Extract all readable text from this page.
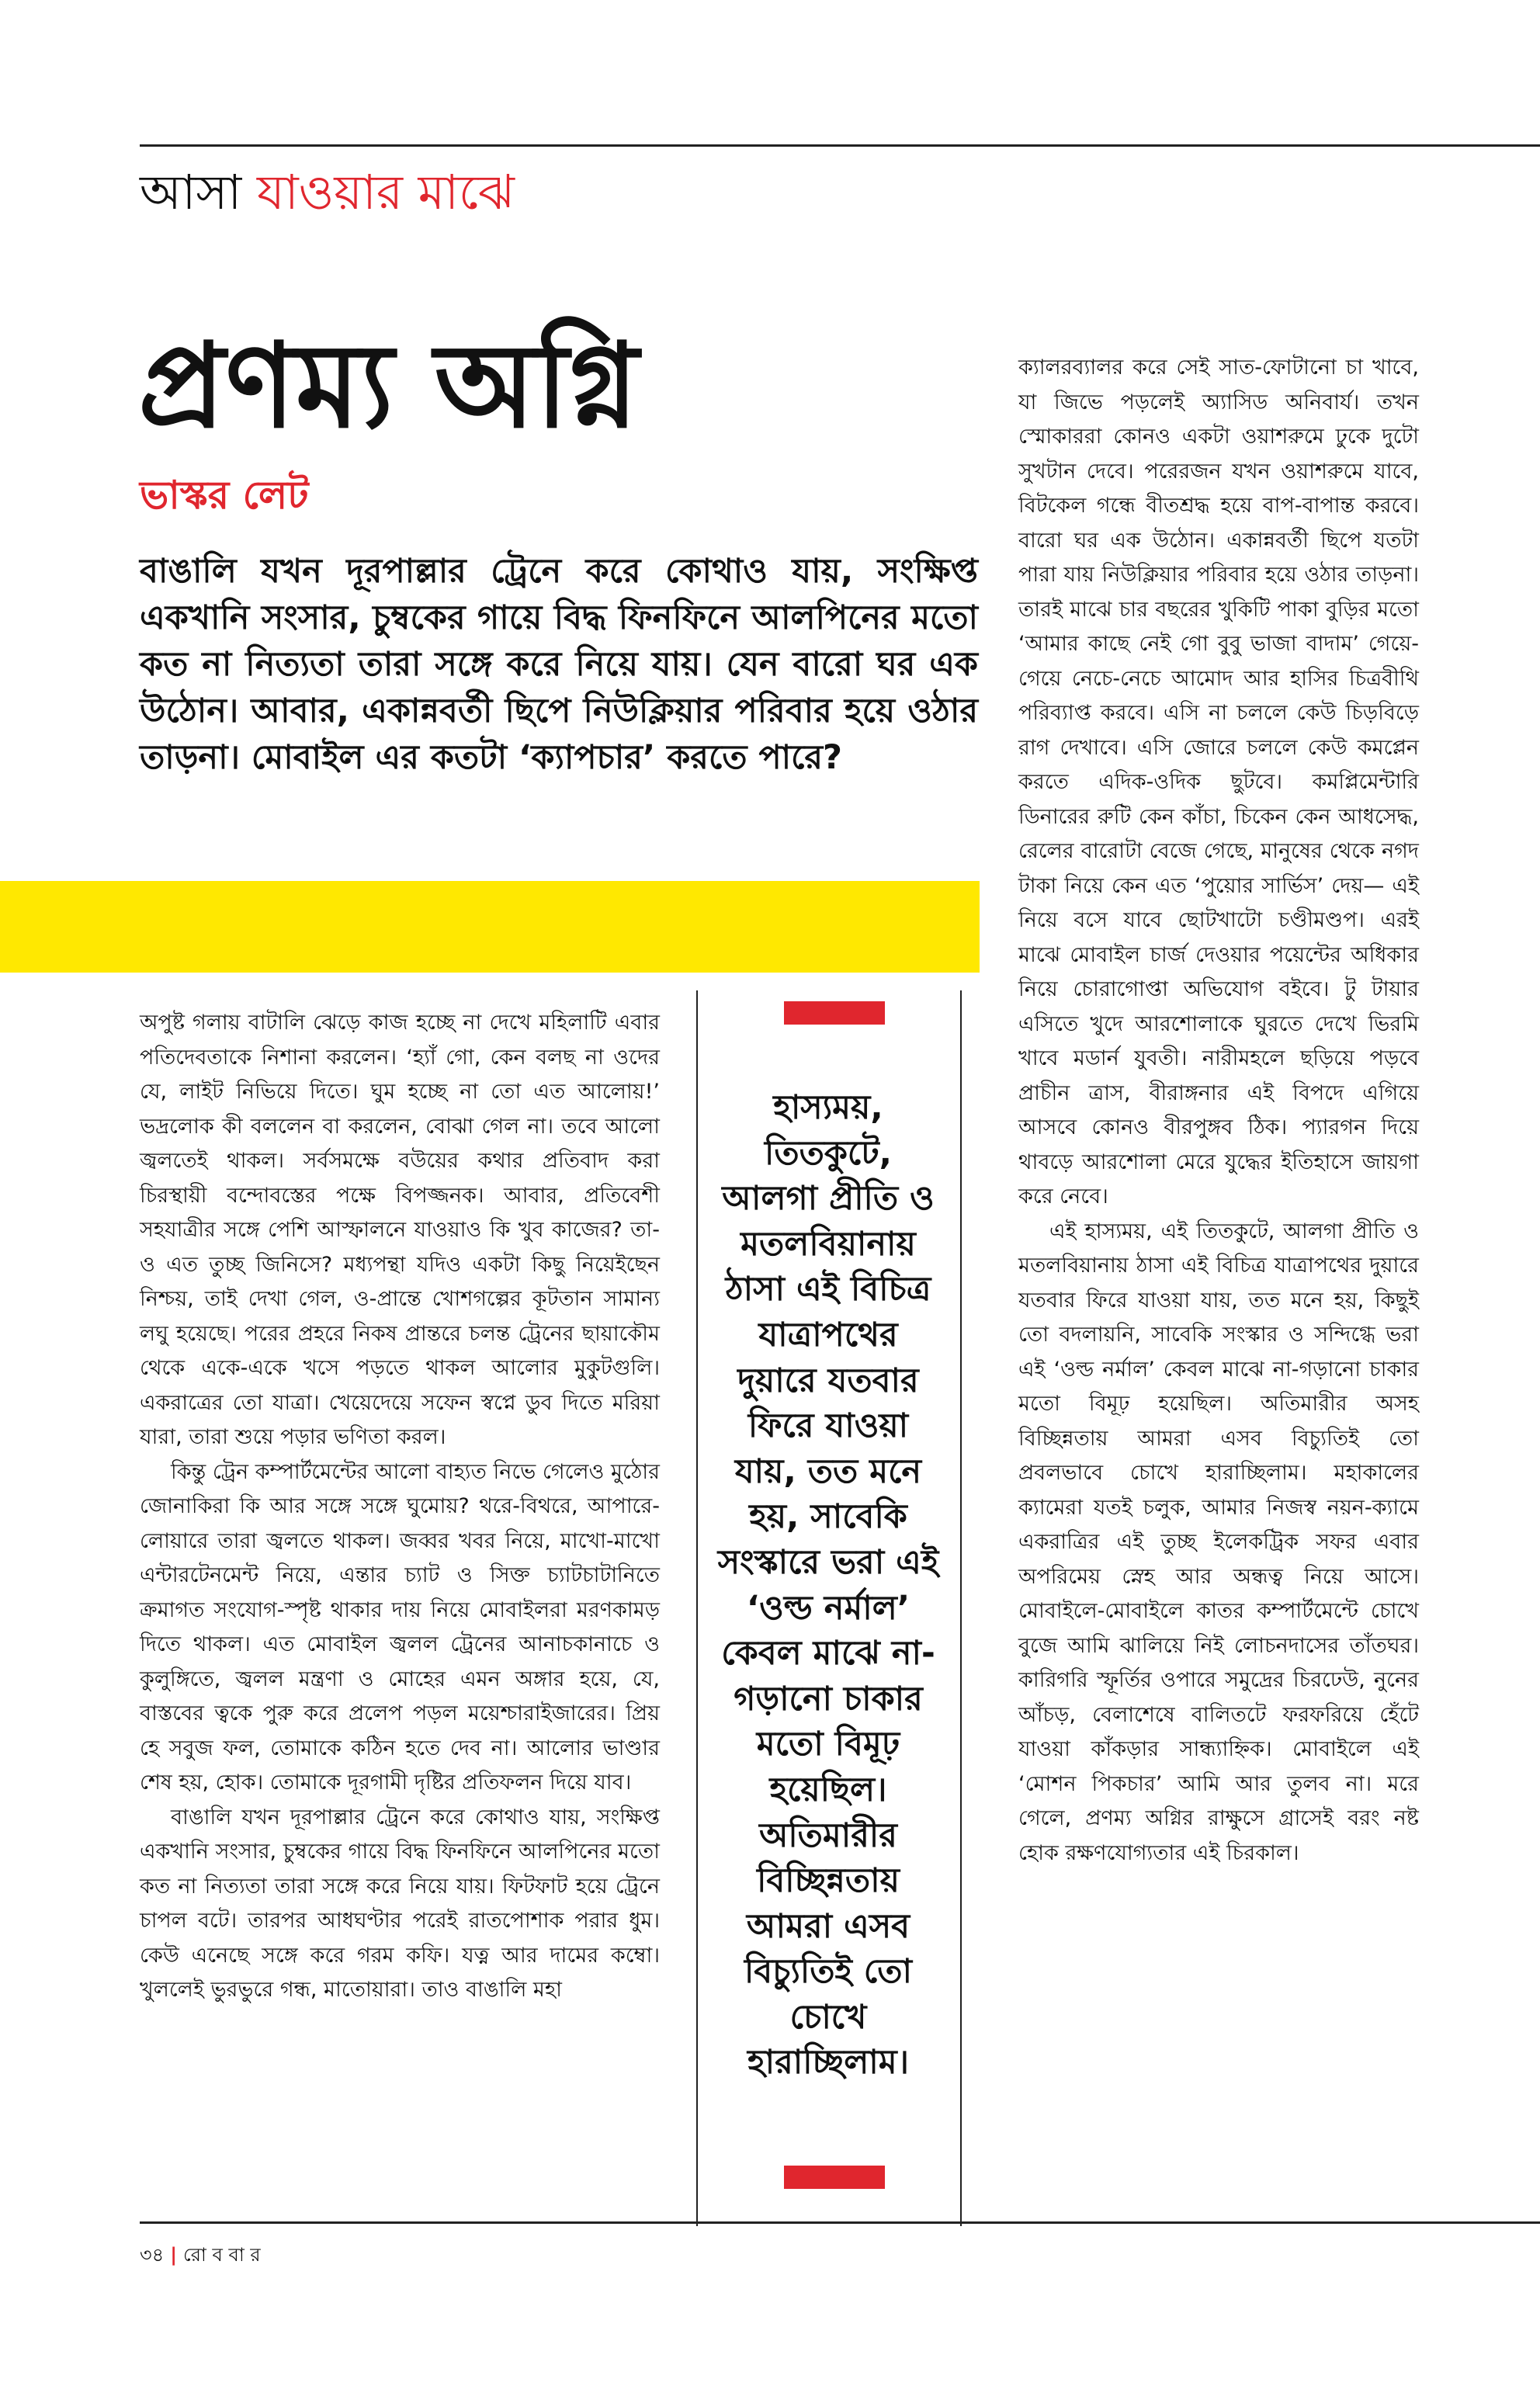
আসা যাওয়ার মাঝে
প্রণম্য অগ্নি
ভাস্কর লেট
বাঙালি যখন দূরপাল্লার ট্রেনে করে কোথাও যায়, সংক্ষিপ্ত একখানি সংসার, চুম্বকের গায়ে বিদ্ধ ফিনফিনে আলপিনের মতো কত না নিত্যতা তারা সঙ্গে করে নিয়ে যায়। যেন বারো ঘর এক উঠোন। আবার, একান্নবর্তী ছিপে নিউক্লিয়ার পরিবার হয়ে ওঠার তাড়না। মোবাইল এর কতটা ‘ক্যাপচার’ করতে পারে?

অপুষ্ট গলায় বাটালি ঝেড়ে কাজ হচ্ছে না দেখে মহিলাটি এবার পতিদেবতাকে নিশানা করলেন। ‘হ্যাঁ গো, কেন বলছ না ওদের যে, লাইট নিভিয়ে দিতে। ঘুম হচ্ছে না তো এত আলোয়!’ ভদ্রলোক কী বললেন বা করলেন, বোঝা গেল না। তবে আলো জ্বলতেই থাকল। সর্বসমক্ষে বউয়ের কথার প্রতিবাদ করা চিরস্থায়ী বন্দোবস্তের পক্ষে বিপজ্জনক। আবার, প্রতিবেশী সহযাত্রীর সঙ্গে পেশি আস্ফালনে যাওয়াও কি খুব কাজের? তা-ও এত তুচ্ছ জিনিসে? মধ্যপন্থা যদিও একটা কিছু নিয়েইছেন নিশ্চয়, তাই দেখা গেল, ও-প্রান্তে খোশগল্পের কূটতান সামান্য লঘু হয়েছে। পরের প্রহরে নিকষ প্রান্তরে চলন্ত ট্রেনের ছায়াকৌম থেকে একে-একে খসে পড়তে থাকল আলোর মুকুটগুলি। একরাত্রের তো যাত্রা। খেয়েদেয়ে সফেন স্বপ্নে ডুব দিতে মরিয়া যারা, তারা শুয়ে পড়ার ভণিতা করল।

কিন্তু ট্রেন কম্পার্টমেন্টের আলো বাহ্যত নিভে গেলেও মুঠোর জোনাকিরা কি আর সঙ্গে সঙ্গে ঘুমোয়? থরে-বিথরে, আপারে-লোয়ারে তারা জ্বলতে থাকল। জব্বর খবর নিয়ে, মাখো-মাখো এন্টারটেনমেন্ট নিয়ে, এন্তার চ্যাট ও সিক্ত চ্যাটচাটানিতে ক্রমাগত সংযোগ-স্পৃষ্ট থাকার দায় নিয়ে মোবাইলরা মরণকামড় দিতে থাকল। এত মোবাইল জ্বলল ট্রেনের আনাচকানাচে ও কুলুঙ্গিতে, জ্বলল মন্ত্রণা ও মোহের এমন অঙ্গার হয়ে, যে, বাস্তবের ত্বকে পুরু করে প্রলেপ পড়ল ময়েশ্চারাইজারের। প্রিয় হে সবুজ ফল, তোমাকে কঠিন হতে দেব না। আলোর ভাণ্ডার শেষ হয়, হোক। তোমাকে দূরগামী দৃষ্টির প্রতিফলন দিয়ে যাব।

বাঙালি যখন দূরপাল্লার ট্রেনে করে কোথাও যায়, সংক্ষিপ্ত একখানি সংসার, চুম্বকের গায়ে বিদ্ধ ফিনফিনে আলপিনের মতো কত না নিত্যতা তারা সঙ্গে করে নিয়ে যায়। ফিটফাট হয়ে ট্রেনে চাপল বটে। তারপর আধঘণ্টার পরেই রাতপোশাক পরার ধুম। কেউ এনেছে সঙ্গে করে গরম কফি। যত্ন আর দামের কম্বো। খুললেই ভুরভুরে গন্ধ, মাতোয়ারা। তাও বাঙালি মহা

হাস্যময়, তিতকুটে, আলগা প্রীতি ও মতলবিয়ানায় ঠাসা এই বিচিত্র যাত্রাপথের দুয়ারে যতবার ফিরে যাওয়া যায়, তত মনে হয়, সাবেকি সংস্কারে ভরা এই ‘ওল্ড নর্মাল’ কেবল মাঝে না-গড়ানো চাকার মতো বিমূঢ় হয়েছিল। অতিমারীর বিচ্ছিন্নতায় আমরা এসব বিচ্যুতিই তো চোখে হারাচ্ছিলাম।

ক্যালরব্যালর করে সেই সাত-ফোটানো চা খাবে, যা জিভে পড়লেই অ্যাসিড অনিবার্য। তখন স্মোকাররা কোনও একটা ওয়াশরুমে ঢুকে দুটো সুখটান দেবে। পরেরজন যখন ওয়াশরুমে যাবে, বিটকেল গন্ধে বীতশ্রদ্ধ হয়ে বাপ-বাপান্ত করবে। বারো ঘর এক উঠোন। একান্নবর্তী ছিপে যতটা পারা যায় নিউক্লিয়ার পরিবার হয়ে ওঠার তাড়না। তারই মাঝে চার বছরের খুকিটি পাকা বুড়ির মতো ‘আমার কাছে নেই গো বুবু ভাজা বাদাম’ গেয়ে-গেয়ে নেচে-নেচে আমোদ আর হাসির চিত্রবীথি পরিব্যাপ্ত করবে। এসি না চললে কেউ চিড়বিড়ে রাগ দেখাবে। এসি জোরে চললে কেউ কমপ্লেন করতে এদিক-ওদিক ছুটবে। কমপ্লিমেন্টারি ডিনারের রুটি কেন কাঁচা, চিকেন কেন আধসেদ্ধ, রেলের বারোটা বেজে গেছে, মানুষের থেকে নগদ টাকা নিয়ে কেন এত ‘পুয়োর সার্ভিস’ দেয়— এই নিয়ে বসে যাবে ছোটখাটো চণ্ডীমণ্ডপ। এরই মাঝে মোবাইল চার্জ দেওয়ার পয়েন্টের অধিকার নিয়ে চোরাগোপ্তা অভিযোগ বইবে। টু টায়ার এসিতে খুদে আরশোলাকে ঘুরতে দেখে ভিরমি খাবে মডার্ন যুবতী। নারীমহলে ছড়িয়ে পড়বে প্রাচীন ত্রাস, বীরাঙ্গনার এই বিপদে এগিয়ে আসবে কোনও বীরপুঙ্গব ঠিক। প্যারগন দিয়ে থাবড়ে আরশোলা মেরে যুদ্ধের ইতিহাসে জায়গা করে নেবে।

এই হাস্যময়, এই তিতকুটে, আলগা প্রীতি ও মতলবিয়ানায় ঠাসা এই বিচিত্র যাত্রাপথের দুয়ারে যতবার ফিরে যাওয়া যায়, তত মনে হয়, কিছুই তো বদলায়নি, সাবেকি সংস্কার ও সন্দিগ্ধে ভরা এই ‘ওল্ড নর্মাল’ কেবল মাঝে না-গড়ানো চাকার মতো বিমূঢ় হয়েছিল। অতিমারীর অসহ বিচ্ছিন্নতায় আমরা এসব বিচ্যুতিই তো প্রবলভাবে চোখে হারাচ্ছিলাম। মহাকালের ক্যামেরা যতই চলুক, আমার নিজস্ব নয়ন-ক্যামে একরাত্রির এই তুচ্ছ ইলেকট্রিক সফর এবার অপরিমেয় স্নেহ আর অন্ধত্ব নিয়ে আসে। মোবাইলে-মোবাইলে কাতর কম্পার্টমেন্টে চোখে বুজে আমি ঝালিয়ে নিই লোচনদাসের তাঁতঘর। কারিগরি স্ফূর্তির ওপারে সমুদ্রের চিরঢেউ, নুনের আঁচড়, বেলাশেষে বালিতটে ফরফরিয়ে হেঁটে যাওয়া কাঁকড়ার সান্ধ্যাহ্নিক। মোবাইলে এই ‘মোশন পিকচার’ আমি আর তুলব না। মরে গেলে, প্রণম্য অগ্নির রাক্ষুসে গ্রাসেই বরং নষ্ট হোক রক্ষণযোগ্যতার এই চিরকাল।

৩৪ | রো ব বা র
